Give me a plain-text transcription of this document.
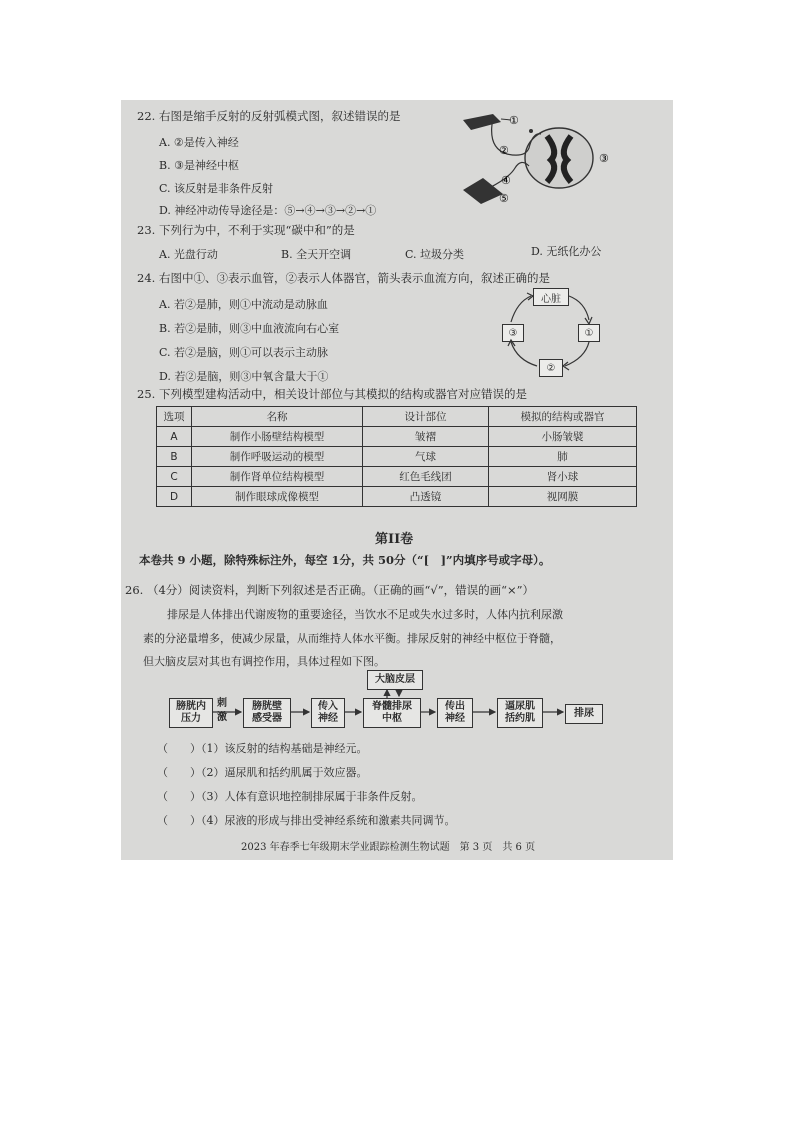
22. 右图是缩手反射的反射弧模式图，叙述错误的是
A. ②是传入神经
B. ③是神经中枢
C. 该反射是非条件反射
D. 神经冲动传导途径是：⑤→④→③→②→①
①
②
③
④
⑤
23. 下列行为中，不利于实现“碳中和”的是
A. 光盘行动	B. 全天开空调	C. 垃圾分类	D. 无纸化办公
24. 右图中①、③表示血管，②表示人体器官，箭头表示血流方向，叙述正确的是
A. 若②是肺，则①中流动是动脉血
B. 若②是肺，则③中血液流向右心室
C. 若②是脑，则①可以表示主动脉
D. 若②是脑，则③中氧含量大于①
心脏
①
②
③
25. 下列模型建构活动中，相关设计部位与其模拟的结构或器官对应错误的是
选项	名称	设计部位	模拟的结构或器官
A	制作小肠壁结构模型	皱褶	小肠皱襞
B	制作呼吸运动的模型	气球	肺
C	制作肾单位结构模型	红色毛线团	肾小球
D	制作眼球成像模型	凸透镜	视网膜
第II卷
本卷共 9 小题，除特殊标注外，每空 1分，共 50分（“[　]”内填序号或字母）。
26. （4分）阅读资料，判断下列叙述是否正确。（正确的画“√”，错误的画“×”）
排尿是人体排出代谢废物的重要途径，当饮水不足或失水过多时，人体内抗利尿激
素的分泌量增多，使减少尿量，从而维持人体水平衡。排尿反射的神经中枢位于脊髓，
但大脑皮层对其也有调控作用，具体过程如下图。
大脑皮层
膀胱内
压力
刺
激
膀胱壁
感受器
传入
神经
脊髓排尿
中枢
传出
神经
逼尿肌
括约肌	排尿
（　　）（1）该反射的结构基础是神经元。
（　　）（2）逼尿肌和括约肌属于效应器。
（　　）（3）人体有意识地控制排尿属于非条件反射。
（　　）（4）尿液的形成与排出受神经系统和激素共同调节。
2023 年春季七年级期末学业跟踪检测生物试题　第 3 页　共 6 页
